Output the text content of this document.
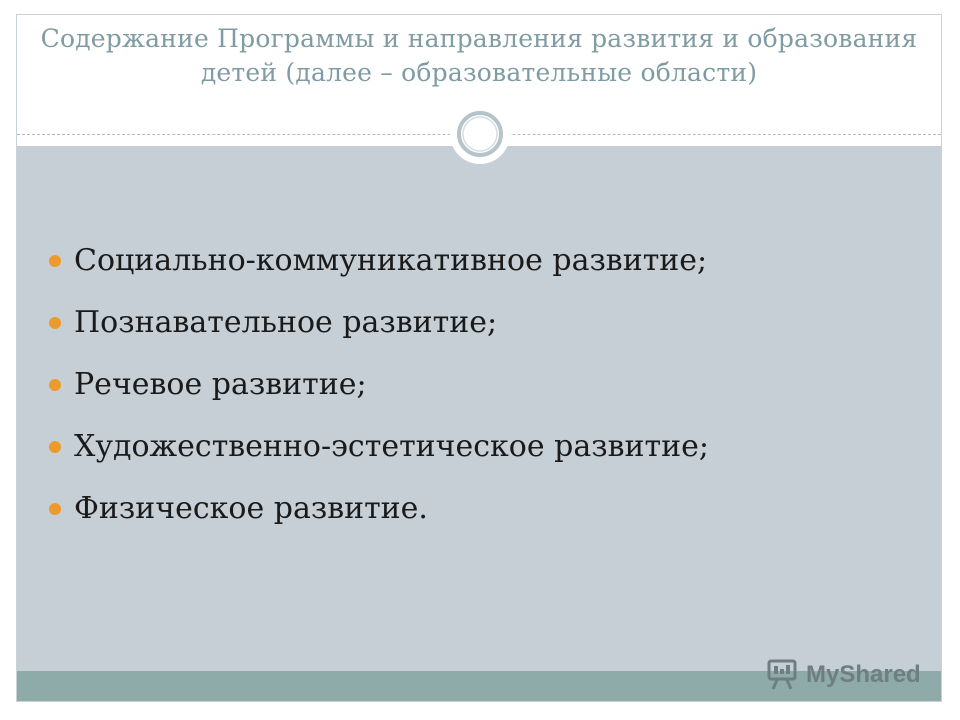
Содержание Программы и направления развития и образования детей (далее – образовательные области)
Социально-коммуникативное развитие;
Познавательное развитие;
Речевое развитие;
Художественно-эстетическое развитие;
Физическое развитие.
MyShared
